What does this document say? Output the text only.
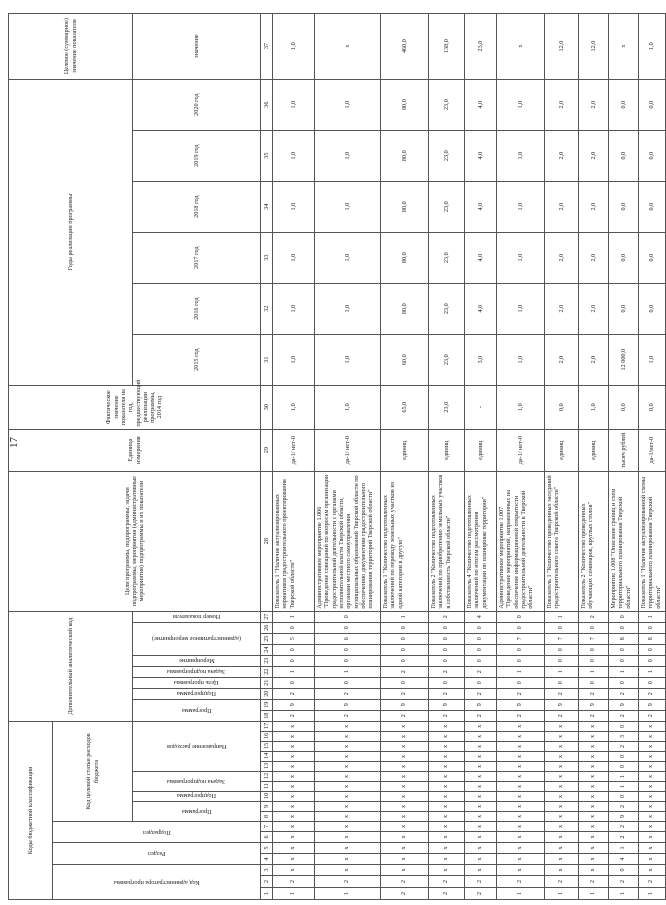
17
Коды бюджетной классификации																	Дополнительный аналитический код										Цели программы, подпрограммы, задачи подпрограммы, мероприятия (административные мероприятия) подпрограммы и их показатели	Единица измерения	Фактическое значение показателя на год, предшествующий реализации программы, 2014 год	Годы реализации программы						Целевое (суммарное) значение показателя

Код администратора программы			Раздел		Подраздел		Код целевой статьи расходов бюджета																													

							Программа		Подпрограмма	Задача подпрограммы		Направление расходов					Программа		Подпрограмма	Цель программы	Задача подпрограммы	Мероприятие	(административное мероприятие)			Номер показателя				2015 год	2016 год	2017 год	2018 год	2019 год	2020 год	значение
1	2	3	4	5	6	7	8	9	10	11	12	13	14	15	16	17	18	19	20	21	22	23	24	25	26	27	28	29	30	31	32	33	34	35	36	37
1	2	х	х	х	х	х	х	х	х	х	х	х	х	х	х	х	2	9	2	0	1	0	0	5	0	1	Показатель 1 "Наличие актуализированных нормативов градостроительного проектирования Тверской области"	да-1/ нет-0	1,0	1,0	1,0	1,0	1,0	1,0	1,0	1,0
1	2	х	х	х	х	х	х	х	х	х	х	х	х	х	х	х	2	9	2	0	1	0	0	6	0	0	Административное мероприятие 1.006 "Проведение совещаний по вопросам организации градостроительной деятельности с органами исполнительной власти Тверской области, органами местного самоуправления муниципальных образований Тверской области по обеспечению документами градостроительного планирования территорий Тверской области"	да-1/ нет-0	1,0	1,0	1,0	1,0	1,0	1,0	1,0	х
2	2	х	х	х	х	х	х	х	х	х	х	х	х	х	х	х	2	9	2	0	2	0	0	0	0	1	Показатель 1 "Количество подготовленных заключений по переводу земельных участков из одной категории в другую"	единиц	65,0	60,0	80,0	80,0	80,0	80,0	80,0	460,0
2	2	х	х	х	х	х	х	х	х	х	х	х	х	х	х	х	2	9	2	0	2	0	0	0	0	2	Показатель 2 "Количество подготовленных заключений по приобретению земельных участков в собственность Тверской области"	единиц	23,0	23,0	23,0	23,0	23,0	23,0	23,0	138,0
2	2	х	х	х	х	х	х	х	х	х	х	х	х	х	х	х	2	9	2	0	2	0	0	0	0	4	Показатель 4 "Количество подготовленных заключений по итогам рассмотрения документации по планировке территории"	единиц	-	3,0	4,0	4,0	4,0	4,0	4,0	23,0
1	2	х	х	х	х	х	х	х	х	х	х	х	х	х	х	х	2	9	2	0	1	0	0	7	0	0	Административное мероприятие 1.007 "Проведение мероприятий, направленных на обеспечение информационной открытости градостроительной деятельности в Тверской области"	да-1/ нет-0	1,0	1,0	1,0	1,0	1,0	1,0	1,0	х
1	2	х	х	х	х	х	х	х	х	х	х	х	х	х	х	х	2	9	2	0	1	0	0	7	0	1	Показатель 1 "Количество проведенных заседаний градостроительного совета Тверской области"	единиц	0,0	2,0	2,0	2,0	2,0	2,0	2,0	12,0
1	2	х	х	х	х	х	х	х	х	х	х	х	х	х	х	х	2	9	2	0	1	0	0	7	0	2	Показатель 2 "Количество проведенных обучающих семинаров, круглых столов"	единиц	1,0	2,0	2,0	2,0	2,0	2,0	2,0	12,0
1	2	0	4	1	2	2	9	2	0	1	1	0	0	2	3	0	2	9	2	0	1	0	0	8	0	0	Мероприятие 1.008 "Описание границ и схем территориального планирования Тверской области"	тысяч рублей	0,0	12 000,0	0,0	0,0	0,0	0,0	0,0	х
1	2	х	х	х	х	х	х	х	х	х	х	х	х	х	х	х	2	9	2	0	1	0	0	8	0	1	Показатель 1 "Наличие актуализированной схемы территориального планирования Тверской области"	да-1/нет-0	0,0	1,0	0,0	0,0	0,0	0,0	0,0	1,0
